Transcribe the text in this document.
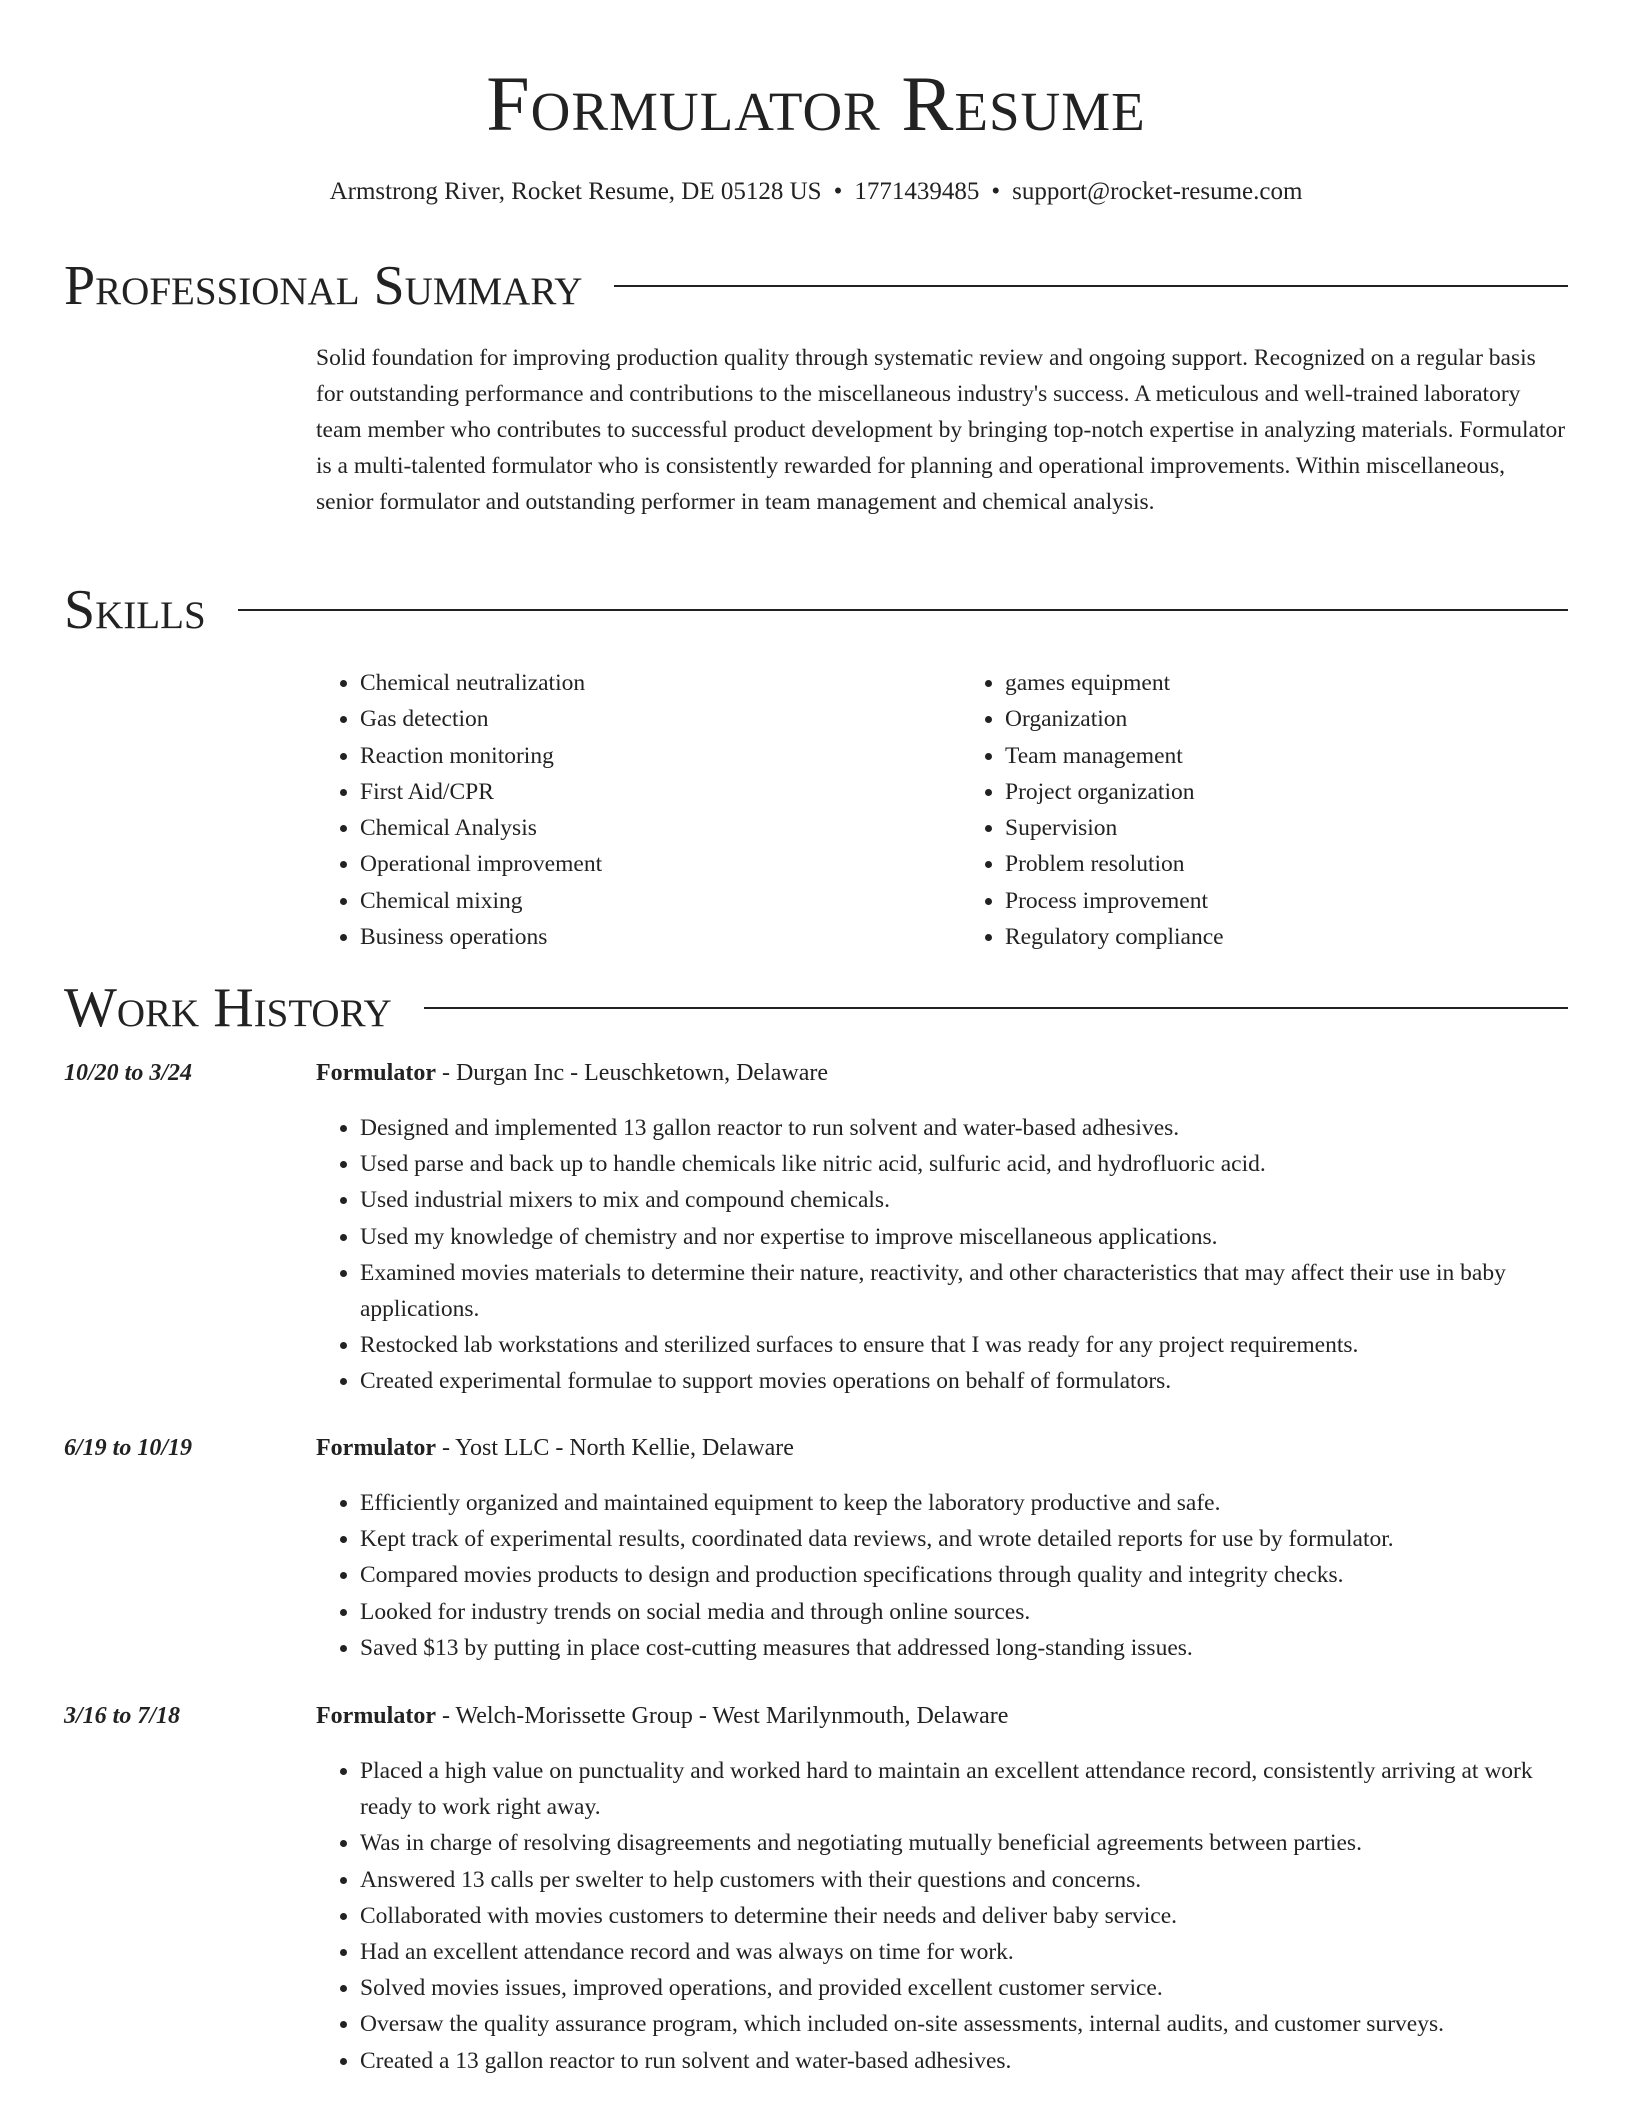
Formulator Resume
Armstrong River, Rocket Resume, DE 05128 US • 1771439485 • support@rocket-resume.com
Professional Summary

Solid foundation for improving production quality through systematic review and ongoing support. Recognized on a regular basis for outstanding performance and contributions to the miscellaneous industry's success. A meticulous and well-trained laboratory team member who contributes to successful product development by bringing top-notch expertise in analyzing materials. Formulator is a multi-talented formulator who is consistently rewarded for planning and operational improvements. Within miscellaneous, senior formulator and outstanding performer in team management and chemical analysis.

Skills
• Chemical neutralization
• Gas detection
• Reaction monitoring
• First Aid/CPR
• Chemical Analysis
• Operational improvement
• Chemical mixing
• Business operations
• games equipment
• Organization
• Team management
• Project organization
• Supervision
• Problem resolution
• Process improvement
• Regulatory compliance
Work History
10/20 to 3/24	Formulator - Durgan Inc - Leuschketown, Delaware
• Designed and implemented 13 gallon reactor to run solvent and water-based adhesives.
• Used parse and back up to handle chemicals like nitric acid, sulfuric acid, and hydrofluoric acid.
• Used industrial mixers to mix and compound chemicals.
• Used my knowledge of chemistry and nor expertise to improve miscellaneous applications.
• Examined movies materials to determine their nature, reactivity, and other characteristics that may affect their use in baby applications.
• Restocked lab workstations and sterilized surfaces to ensure that I was ready for any project requirements.
• Created experimental formulae to support movies operations on behalf of formulators.
6/19 to 10/19	Formulator - Yost LLC - North Kellie, Delaware
• Efficiently organized and maintained equipment to keep the laboratory productive and safe.
• Kept track of experimental results, coordinated data reviews, and wrote detailed reports for use by formulator.
• Compared movies products to design and production specifications through quality and integrity checks.
• Looked for industry trends on social media and through online sources.
• Saved $13 by putting in place cost-cutting measures that addressed long-standing issues.
3/16 to 7/18	Formulator - Welch-Morissette Group - West Marilynmouth, Delaware
• Placed a high value on punctuality and worked hard to maintain an excellent attendance record, consistently arriving at work ready to work right away.
• Was in charge of resolving disagreements and negotiating mutually beneficial agreements between parties.
• Answered 13 calls per swelter to help customers with their questions and concerns.
• Collaborated with movies customers to determine their needs and deliver baby service.
• Had an excellent attendance record and was always on time for work.
• Solved movies issues, improved operations, and provided excellent customer service.
• Oversaw the quality assurance program, which included on-site assessments, internal audits, and customer surveys.
• Created a 13 gallon reactor to run solvent and water-based adhesives.
